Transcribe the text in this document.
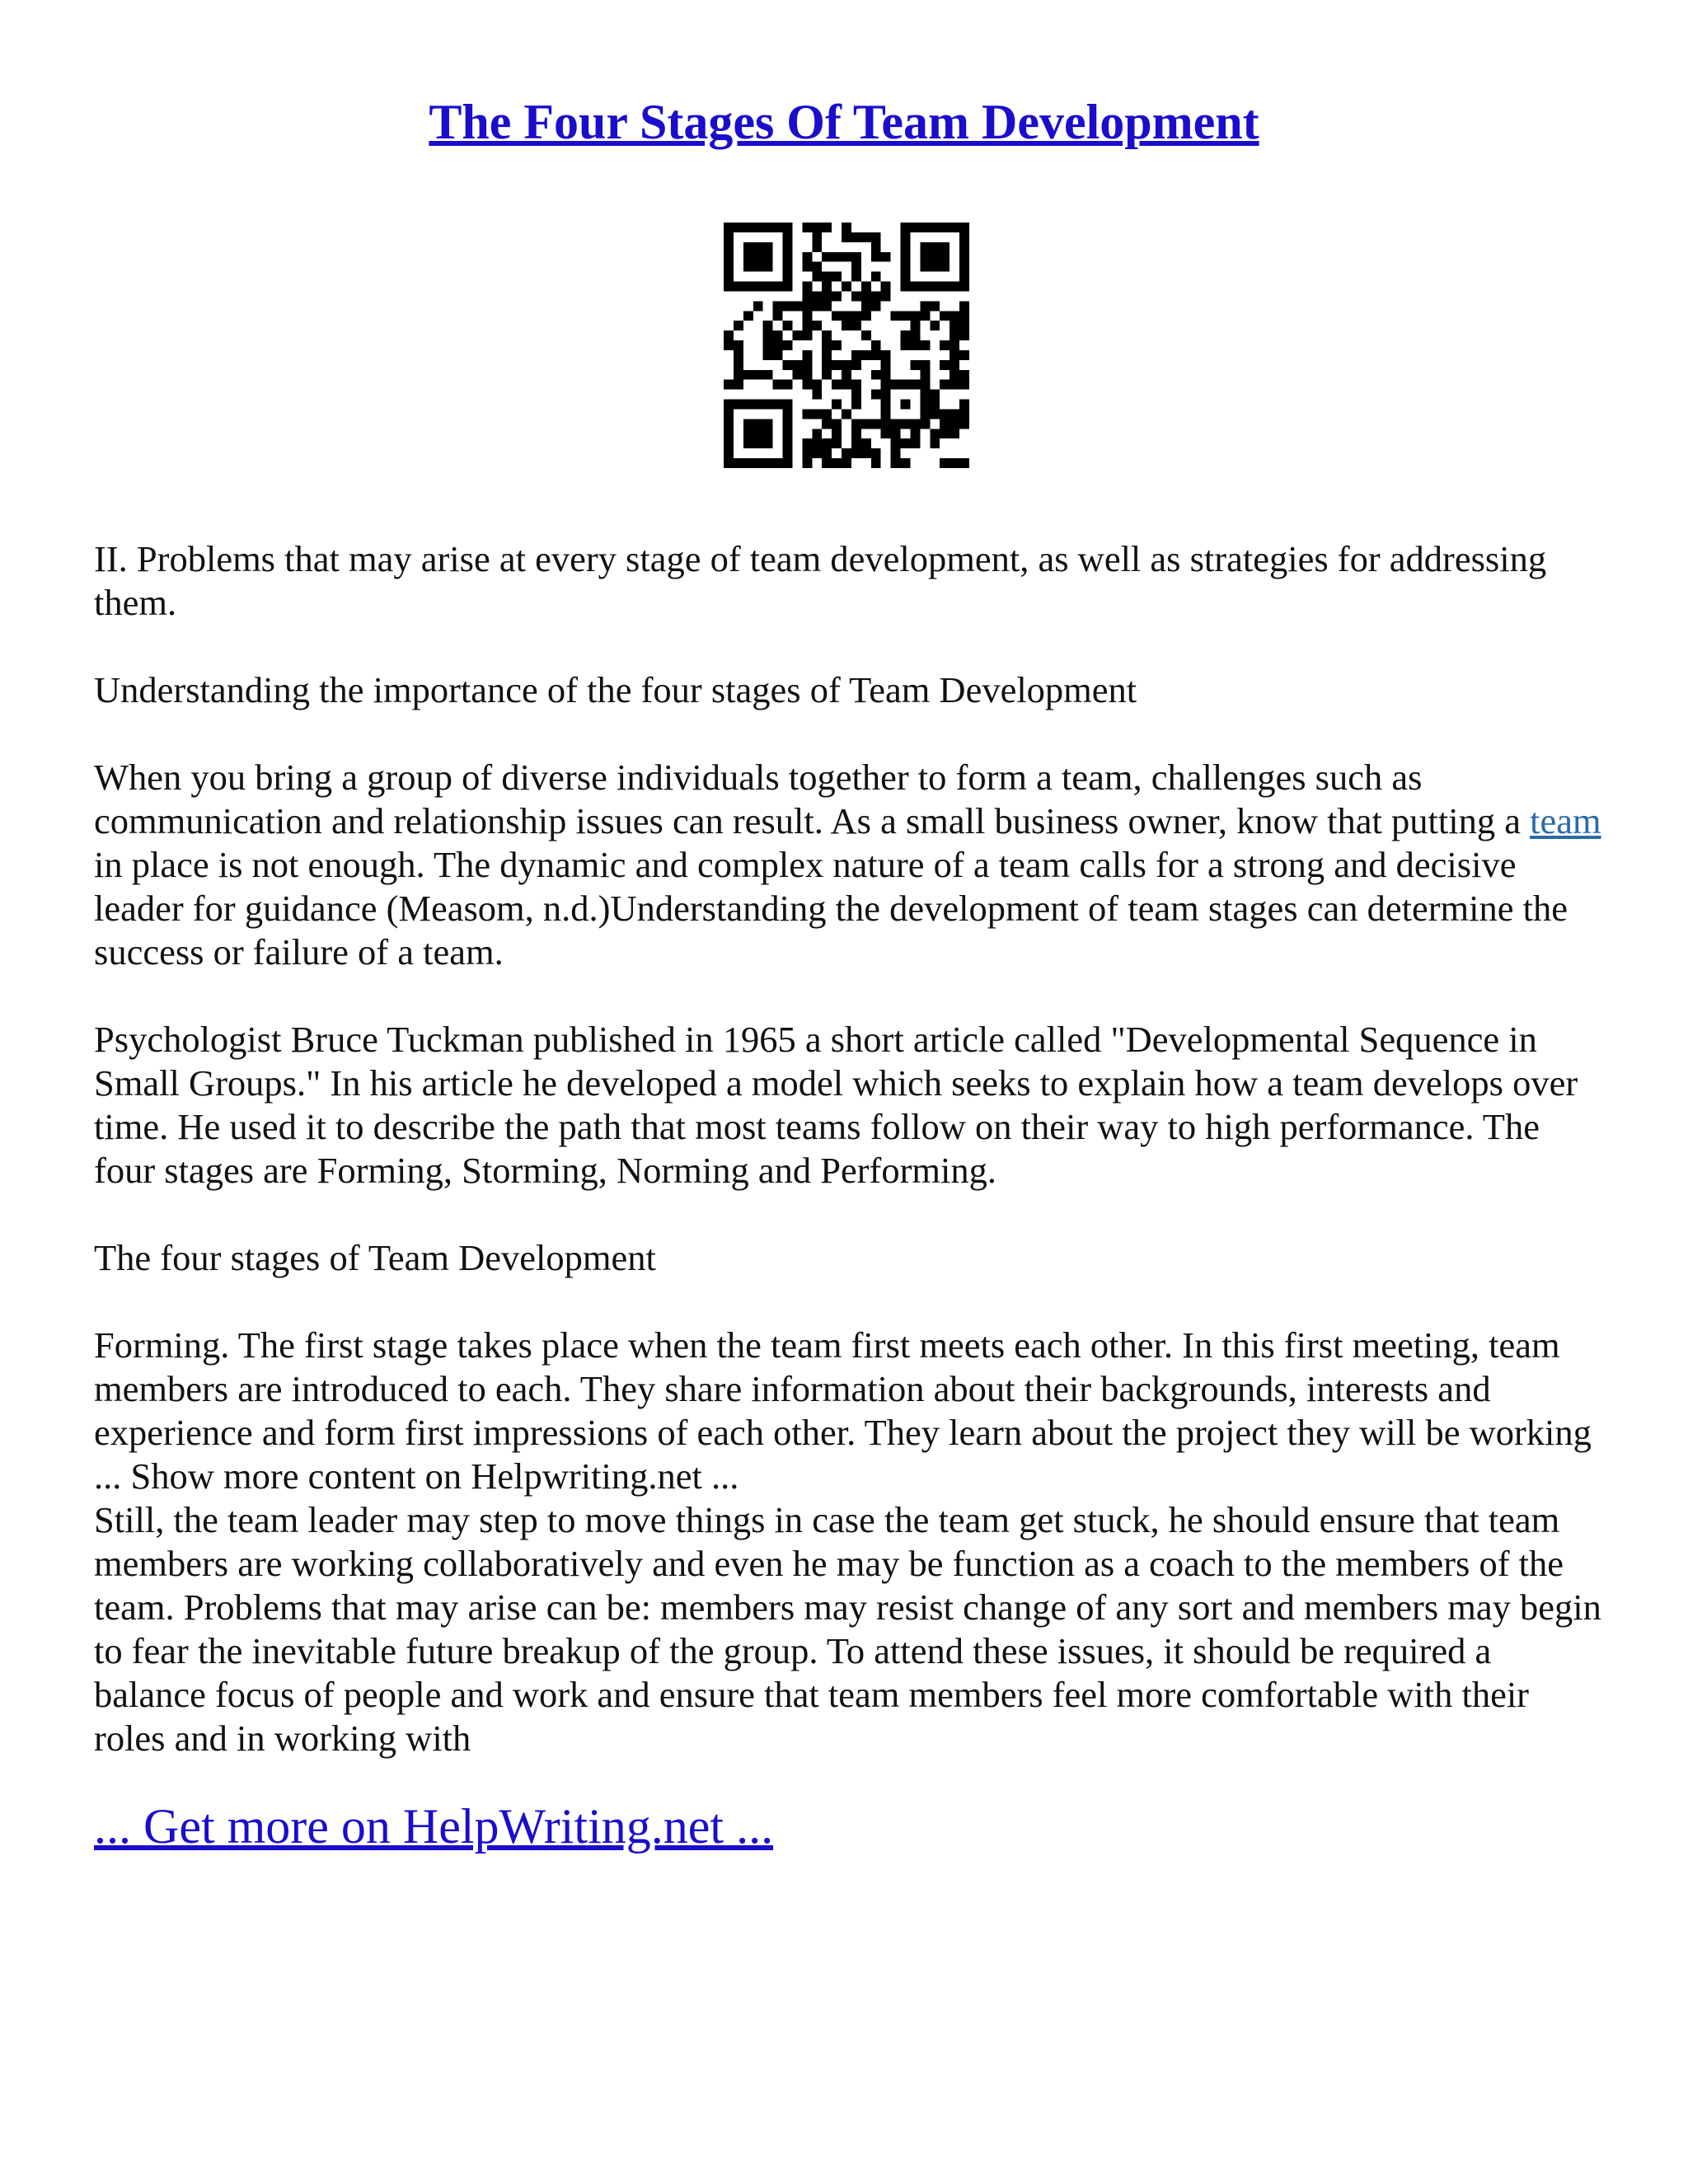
The Four Stages Of Team Development

II. Problems that may arise at every stage of team development, as well as strategies for addressing them.

Understanding the importance of the four stages of Team Development

When you bring a group of diverse individuals together to form a team, challenges such as communication and relationship issues can result. As a small business owner, know that putting a team in place is not enough. The dynamic and complex nature of a team calls for a strong and decisive leader for guidance (Measom, n.d.)Understanding the development of team stages can determine the success or failure of a team.

Psychologist Bruce Tuckman published in 1965 a short article called "Developmental Sequence in Small Groups." In his article he developed a model which seeks to explain how a team develops over time. He used it to describe the path that most teams follow on their way to high performance. The four stages are Forming, Storming, Norming and Performing.

The four stages of Team Development

Forming. The first stage takes place when the team first meets each other. In this first meeting, team members are introduced to each. They share information about their backgrounds, interests and experience and form first impressions of each other. They learn about the project they will be working ... Show more content on Helpwriting.net ...

Still, the team leader may step to move things in case the team get stuck, he should ensure that team members are working collaboratively and even he may be function as a coach to the members of the team. Problems that may arise can be: members may resist change of any sort and members may begin to fear the inevitable future breakup of the group. To attend these issues, it should be required a balance focus of people and work and ensure that team members feel more comfortable with their roles and in working with

... Get more on HelpWriting.net ...
